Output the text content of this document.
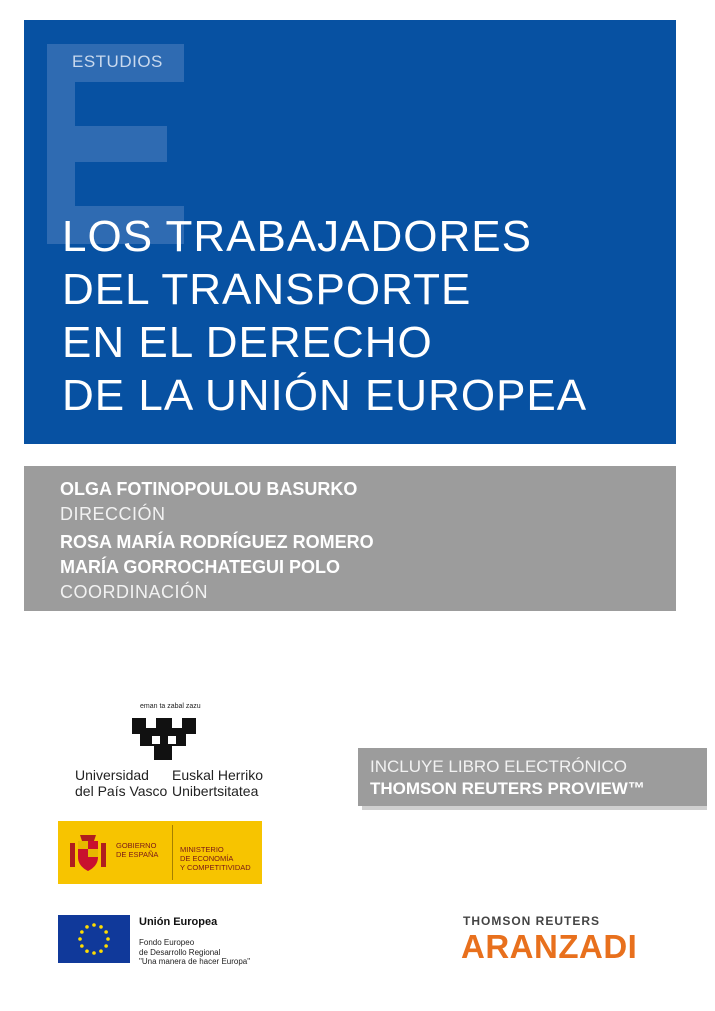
ESTUDIOS
LOS TRABAJADORES
DEL TRANSPORTE
EN EL DERECHO
DE LA UNIÓN EUROPEA
OLGA FOTINOPOULOU BASURKO
DIRECCIÓN
ROSA MARÍA RODRÍGUEZ ROMERO
MARÍA GORROCHATEGUI POLO
COORDINACIÓN
eman ta zabal zazu
Universidad
del País Vasco
Euskal Herriko
Unibertsitatea
GOBIERNO
DE ESPAÑA
MINISTERIO
DE ECONOMÍA
Y COMPETITIVIDAD
Unión Europea
Fondo Europeo
de Desarrollo Regional
"Una manera de hacer Europa"
INCLUYE LIBRO ELECTRÓNICO
THOMSON REUTERS PROVIEW™
THOMSON REUTERS
ARANZADI
